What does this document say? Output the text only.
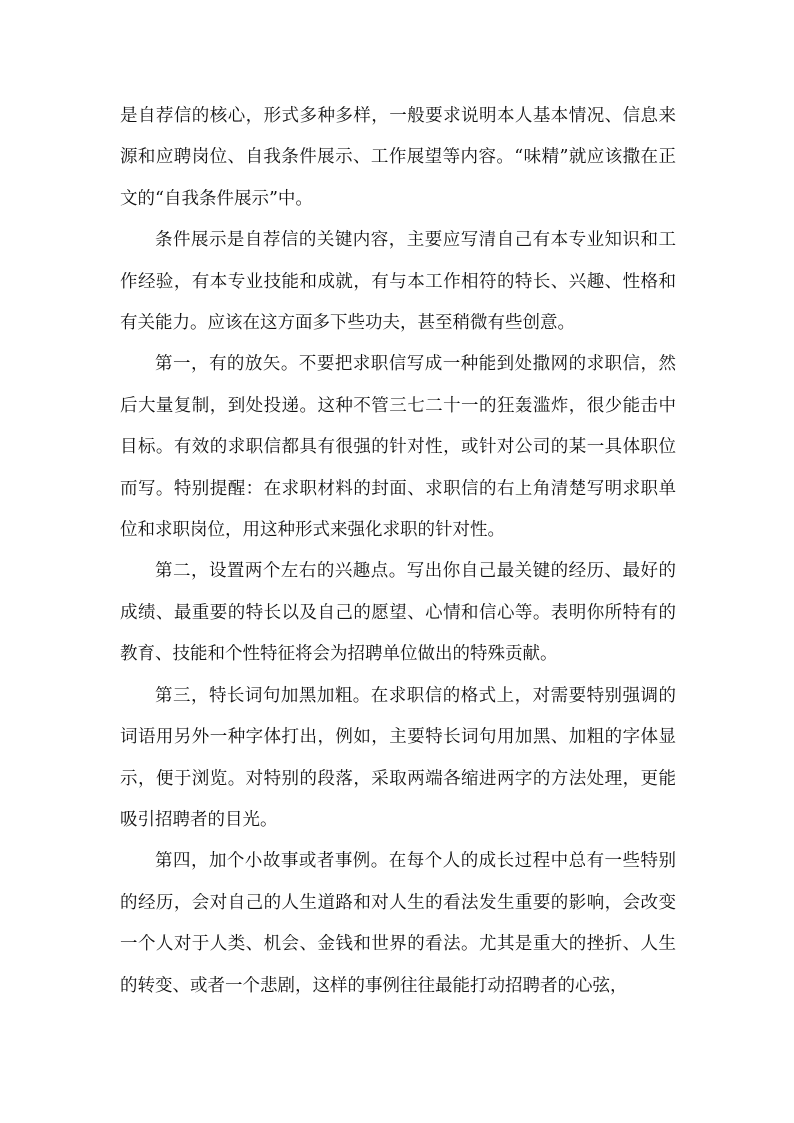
是自荐信的核心，形式多种多样，一般要求说明本人基本情况、信息来源和应聘岗位、自我条件展示、工作展望等内容。“味精”就应该撒在正文的“自我条件展示”中。

条件展示是自荐信的关键内容，主要应写清自己有本专业知识和工作经验，有本专业技能和成就，有与本工作相符的特长、兴趣、性格和有关能力。应该在这方面多下些功夫，甚至稍微有些创意。

第一，有的放矢。不要把求职信写成一种能到处撒网的求职信，然后大量复制，到处投递。这种不管三七二十一的狂轰滥炸，很少能击中目标。有效的求职信都具有很强的针对性，或针对公司的某一具体职位而写。特别提醒：在求职材料的封面、求职信的右上角清楚写明求职单位和求职岗位，用这种形式来强化求职的针对性。

第二，设置两个左右的兴趣点。写出你自己最关键的经历、最好的成绩、最重要的特长以及自己的愿望、心情和信心等。表明你所特有的教育、技能和个性特征将会为招聘单位做出的特殊贡献。

第三，特长词句加黑加粗。在求职信的格式上，对需要特别强调的词语用另外一种字体打出，例如，主要特长词句用加黑、加粗的字体显示，便于浏览。对特别的段落，采取两端各缩进两字的方法处理，更能吸引招聘者的目光。

第四，加个小故事或者事例。在每个人的成长过程中总有一些特别的经历，会对自己的人生道路和对人生的看法发生重要的影响，会改变一个人对于人类、机会、金钱和世界的看法。尤其是重大的挫折、人生的转变、或者一个悲剧，这样的事例往往最能打动招聘者的心弦，
